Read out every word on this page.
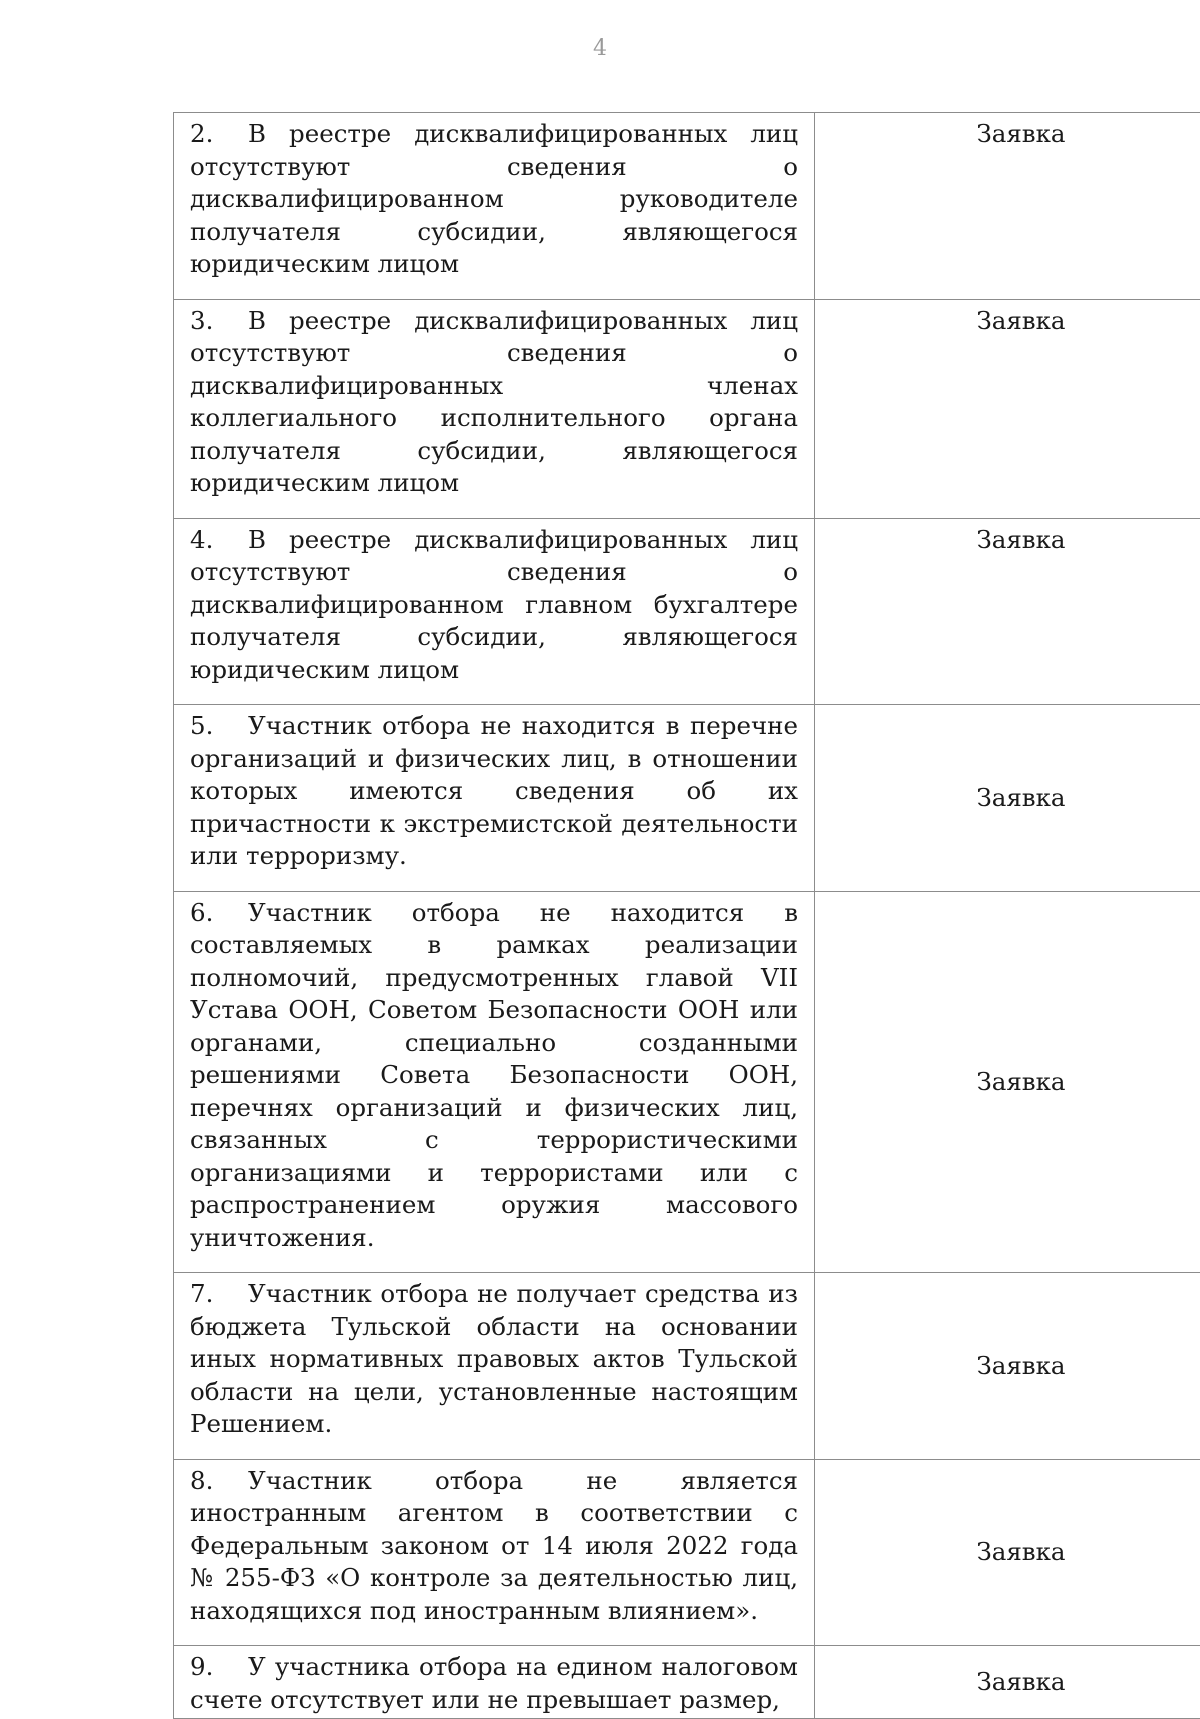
4

2. В реестре дисквалифицированных лиц отсутствуют сведения о дисквалифицированном руководителе получателя субсидии, являющегося юридическим лицом	Заявка

3. В реестре дисквалифицированных лиц отсутствуют сведения о дисквалифицированных членах коллегиального исполнительного органа получателя субсидии, являющегося юридическим лицом	Заявка

4. В реестре дисквалифицированных лиц отсутствуют сведения о дисквалифицированном главном бухгалтере получателя субсидии, являющегося юридическим лицом	Заявка

5. Участник отбора не находится в перечне организаций и физических лиц, в отношении которых имеются сведения об их причастности к экстремистской деятельности или терроризму.	Заявка

6. Участник отбора не находится в составляемых в рамках реализации полномочий, предусмотренных главой VII Устава ООН, Советом Безопасности ООН или органами, специально созданными решениями Совета Безопасности ООН, перечнях организаций и физических лиц, связанных с террористическими организациями и террористами или с распространением оружия массового уничтожения.	Заявка

7. Участник отбора не получает средства из бюджета Тульской области на основании иных нормативных правовых актов Тульской области на цели, установленные настоящим Решением.	Заявка

8. Участник отбора не является иностранным агентом в соответствии с Федеральным законом от 14 июля 2022 года № 255-ФЗ «О контроле за деятельностью лиц, находящихся под иностранным влиянием».	Заявка

9. У участника отбора на едином налоговом счете отсутствует или не превышает размер,	Заявка
